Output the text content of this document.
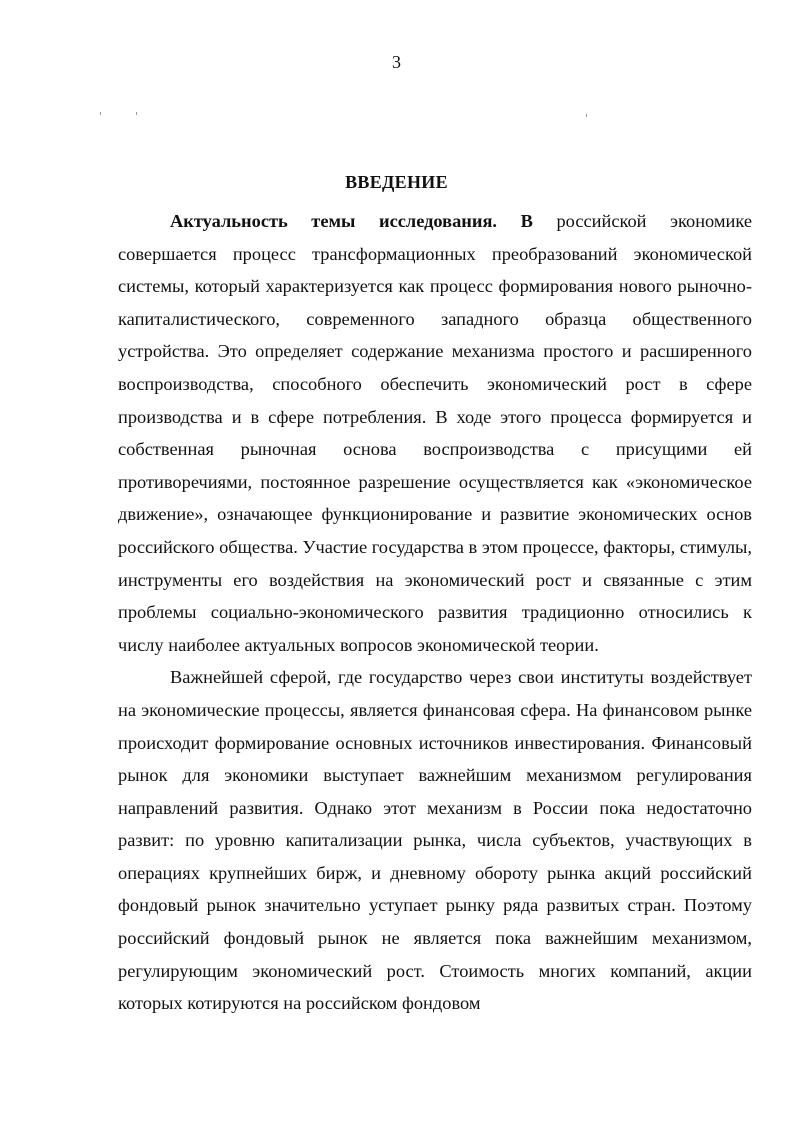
3
ВВЕДЕНИЕ

Актуальность темы исследования. В российской экономике совершается процесс трансформационных преобразований экономической системы, который характеризуется как процесс формирования нового рыночно-капиталистического, современного западного образца общественного устройства. Это определяет содержание механизма простого и расширенного воспроизводства, способного обеспечить экономический рост в сфере производства и в сфере потребления. В ходе этого процесса формируется и собственная рыночная основа воспроизводства с присущими ей противоречиями, постоянное разрешение осуществляется как «экономическое движение», означающее функционирование и развитие экономических основ российского общества. Участие государства в этом процессе, факторы, стимулы, инструменты его воздействия на экономический рост и связанные с этим проблемы социально-экономического развития традиционно относились к числу наиболее актуальных вопросов экономической теории.

Важнейшей сферой, где государство через свои институты воздействует на экономические процессы, является финансовая сфера. На финансовом рынке происходит формирование основных источников инвестирования. Финансовый рынок для экономики выступает важнейшим механизмом регулирования направлений развития. Однако этот механизм в России пока недостаточно развит: по уровню капитализации рынка, числа субъектов, участвующих в операциях крупнейших бирж, и дневному обороту рынка акций российский фондовый рынок значительно уступает рынку ряда развитых стран. Поэтому российский фондовый рынок не является пока важнейшим механизмом, регулирующим экономический рост. Стоимость многих компаний, акции которых котируются на российском фондовом
